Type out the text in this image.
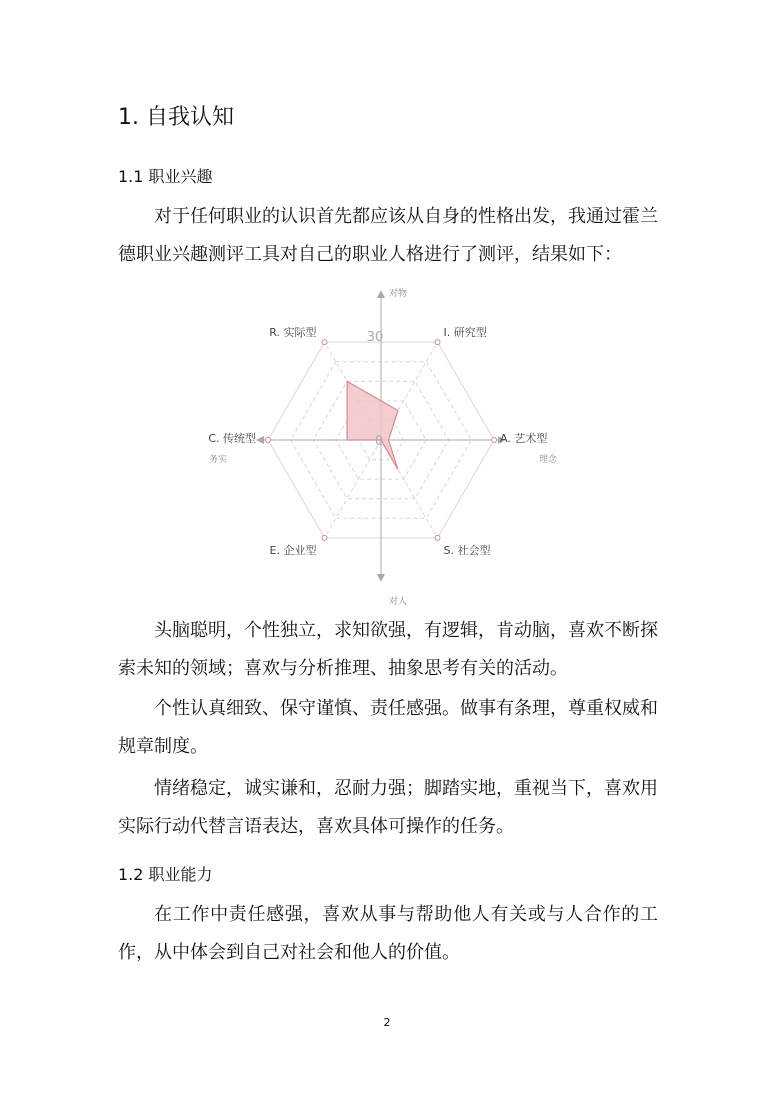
1. 自我认知
1.1 职业兴趣

对于任何职业的认识首先都应该从自身的性格出发，我通过霍兰德职业兴趣测评工具对自己的职业人格进行了测评，结果如下：

30
0
R. 实际型	I. 研究型
A. 艺术型
S. 社会型
E. 企业型
C. 传统型
对物
对人
务实	理念

头脑聪明，个性独立，求知欲强，有逻辑，肯动脑，喜欢不断探索未知的领域；喜欢与分析推理、抽象思考有关的活动。

个性认真细致、保守谨慎、责任感强。做事有条理，尊重权威和规章制度。

情绪稳定，诚实谦和，忍耐力强；脚踏实地，重视当下，喜欢用实际行动代替言语表达，喜欢具体可操作的任务。

1.2 职业能力

在工作中责任感强，喜欢从事与帮助他人有关或与人合作的工作，从中体会到自己对社会和他人的价值。

2
